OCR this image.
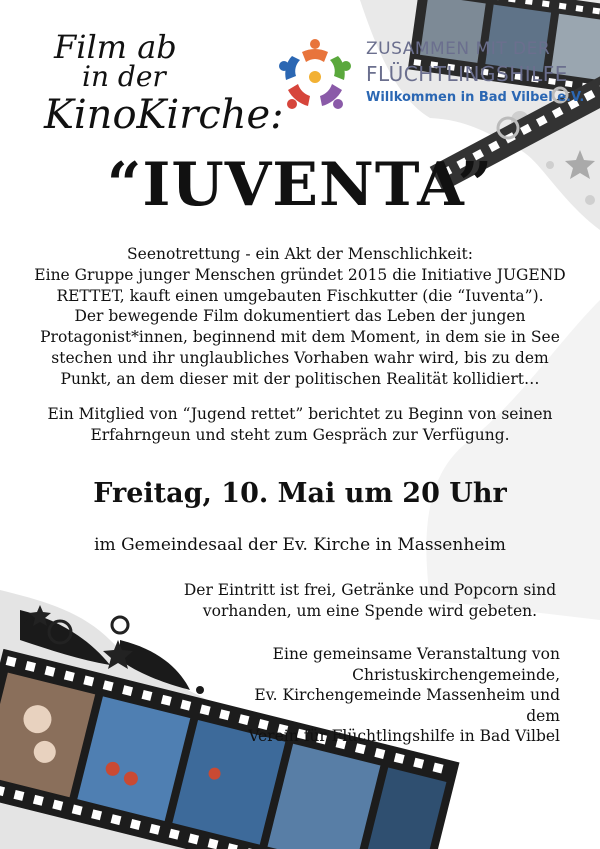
Film ab
in der
KinoKirche:
ZUSAMMEN MIT DER
FLÜCHTLINGSHILFE
Willkommen in Bad Vilbel e.V.
“IUVENTA”

Seenotrettung - ein Akt der Menschlichkeit:

Eine Gruppe junger Menschen gründet 2015 die Initiative JUGEND

RETTET, kauft einen umgebauten Fischkutter (die “Iuventa”).

Der bewegende Film dokumentiert das Leben der jungen

Protagonist*innen, beginnend mit dem Moment, in dem sie in See

stechen und ihr unglaubliches Vorhaben wahr wird, bis zu dem

Punkt, an dem dieser mit der politischen Realität kollidiert…

Ein Mitglied von “Jugend rettet” berichtet zu Beginn von seinen

Erfahrngeun und steht zum Gespräch zur Verfügung.

Freitag, 10. Mai um 20 Uhr
im Gemeindesaal der Ev. Kirche in Massenheim

Der Eintritt ist frei, Getränke und Popcorn sind

vorhanden, um eine Spende wird gebeten.

Eine gemeinsame Veranstaltung von

Christuskirchengemeinde,

Ev. Kirchengemeinde Massenheim und dem

Verein für Flüchtlingshilfe in Bad Vilbel
